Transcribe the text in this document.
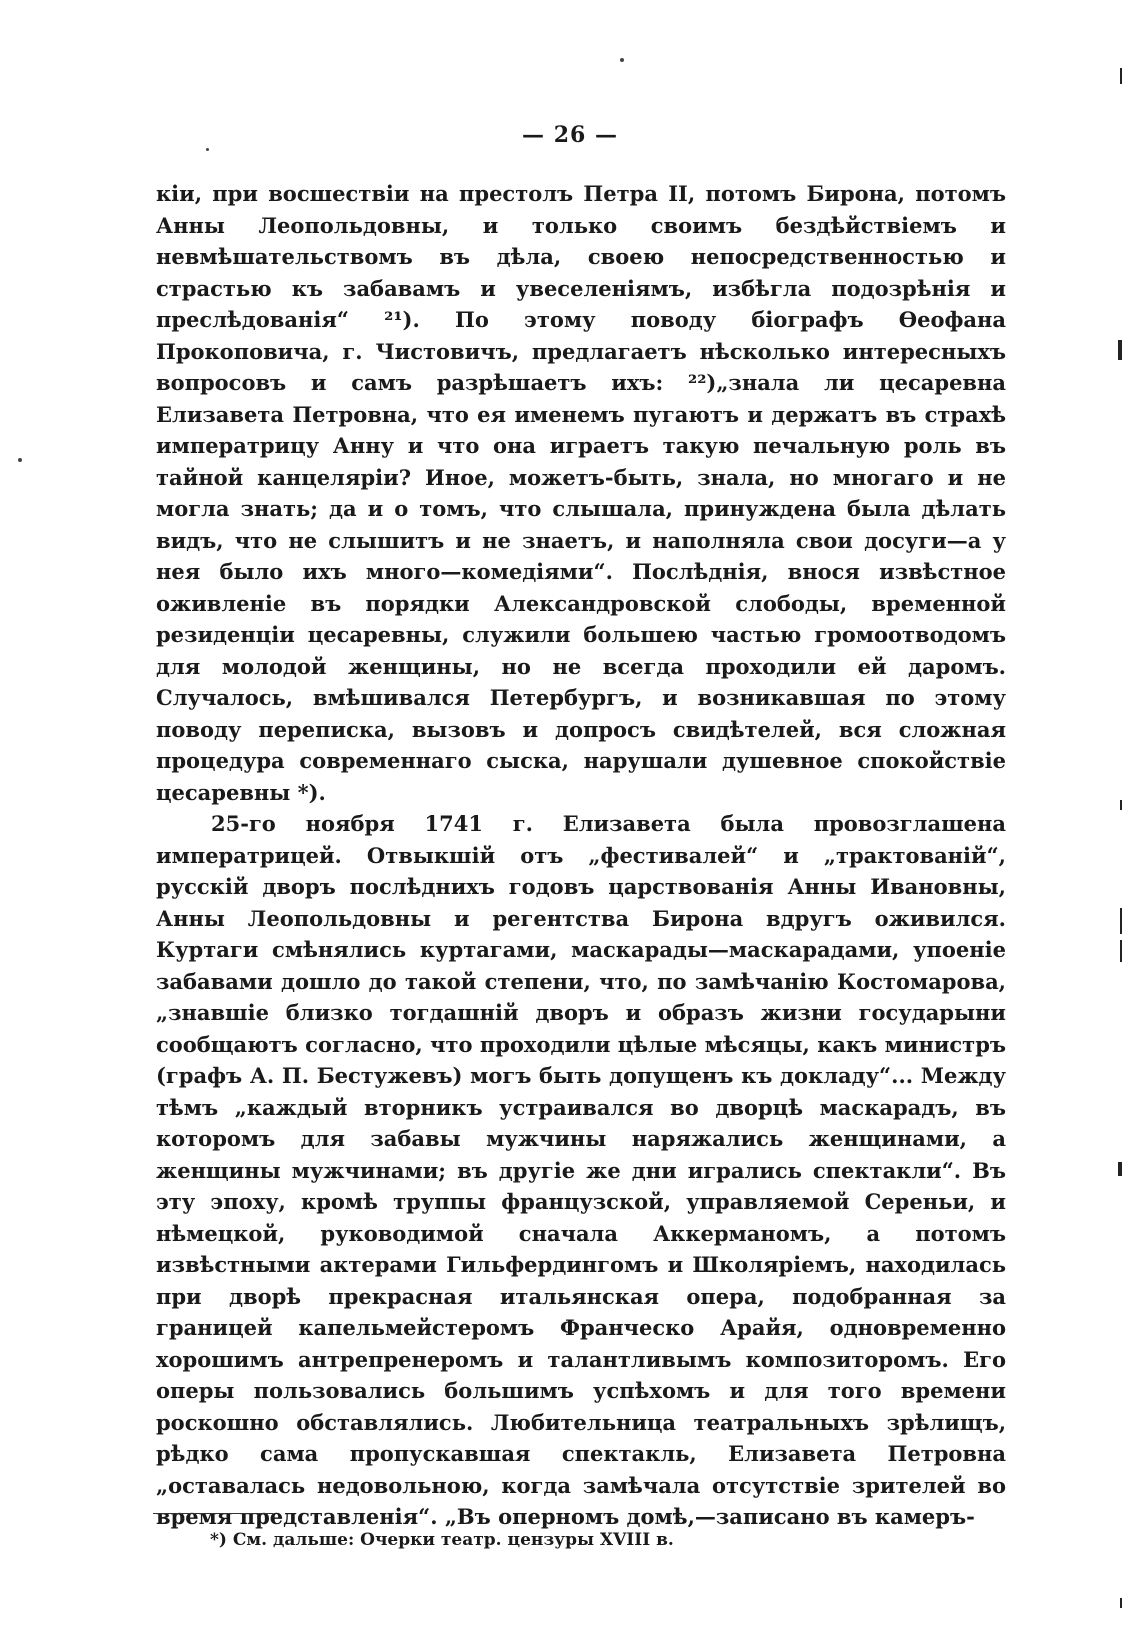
— 26 —

кіи, при восшествіи на престолъ Петра II, потомъ Бирона, потомъ Анны Леопольдовны, и только своимъ бездѣйствіемъ и невмѣшательствомъ въ дѣла, своею непосредственностью и страстью къ забавамъ и увеселеніямъ, избѣгла подозрѣнія и преслѣдованія“ ²¹). По этому поводу біографъ Ѳеофана Прокоповича, г. Чистовичъ, предлагаетъ нѣсколько интересныхъ вопросовъ и самъ разрѣшаетъ ихъ: ²²)„знала ли цесаревна Елизавета Петровна, что ея именемъ пугаютъ и держатъ въ страхѣ императрицу Анну и что она играетъ такую печальную роль въ тайной канцеляріи? Иное, можетъ-быть, знала, но многаго и не могла знать; да и о томъ, что слышала, принуждена была дѣлать видъ, что не слышитъ и не знаетъ, и наполняла свои досуги—а у нея было ихъ много—комедіями“. Послѣднія, внося извѣстное оживленіе въ порядки Александровской слободы, временной резиденціи цесаревны, служили большею частью громоотводомъ для молодой женщины, но не всегда проходили ей даромъ. Случалось, вмѣшивался Петербургъ, и возникавшая по этому поводу переписка, вызовъ и допросъ свидѣтелей, вся сложная процедура современнаго сыска, нарушали душевное спокойствіе цесаревны *).

25-го ноября 1741 г. Елизавета была провозглашена императрицей. Отвыкшій отъ „фестивалей“ и „трактованій“, русскій дворъ послѣднихъ годовъ царствованія Анны Ивановны, Анны Леопольдовны и регентства Бирона вдругъ оживился. Куртаги смѣнялись куртагами, маскарады—маскарадами, упоеніе забавами дошло до такой степени, что, по замѣчанію Костомарова, „знавшіе близко тогдашній дворъ и образъ жизни государыни сообщаютъ согласно, что проходили цѣлые мѣсяцы, какъ министръ (графъ А. П. Бестужевъ) могъ быть допущенъ къ докладу“... Между тѣмъ „каждый вторникъ устраивался во дворцѣ маскарадъ, въ которомъ для забавы мужчины наряжались женщинами, а женщины мужчинами; въ другіе же дни игрались спектакли“. Въ эту эпоху, кромѣ труппы французской, управляемой Сереньи, и нѣмецкой, руководимой сначала Аккерманомъ, а потомъ извѣстными актерами Гильфердингомъ и Школяріемъ, находилась при дворѣ прекрасная итальянская опера, подобранная за границей капельмейстеромъ Франческо Арайя, одновременно хорошимъ антрепренеромъ и талантливымъ композиторомъ. Его оперы пользовались большимъ успѣхомъ и для того времени роскошно обставлялись. Любительница театральныхъ зрѣлищъ, рѣдко сама пропускавшая спектакль, Елизавета Петровна „оставалась недовольною, когда замѣчала отсутствіе зрителей во время представленія“. „Въ оперномъ домѣ,—записано въ камеръ-

*) См. дальше: Очерки театр. цензуры XVIII в.
